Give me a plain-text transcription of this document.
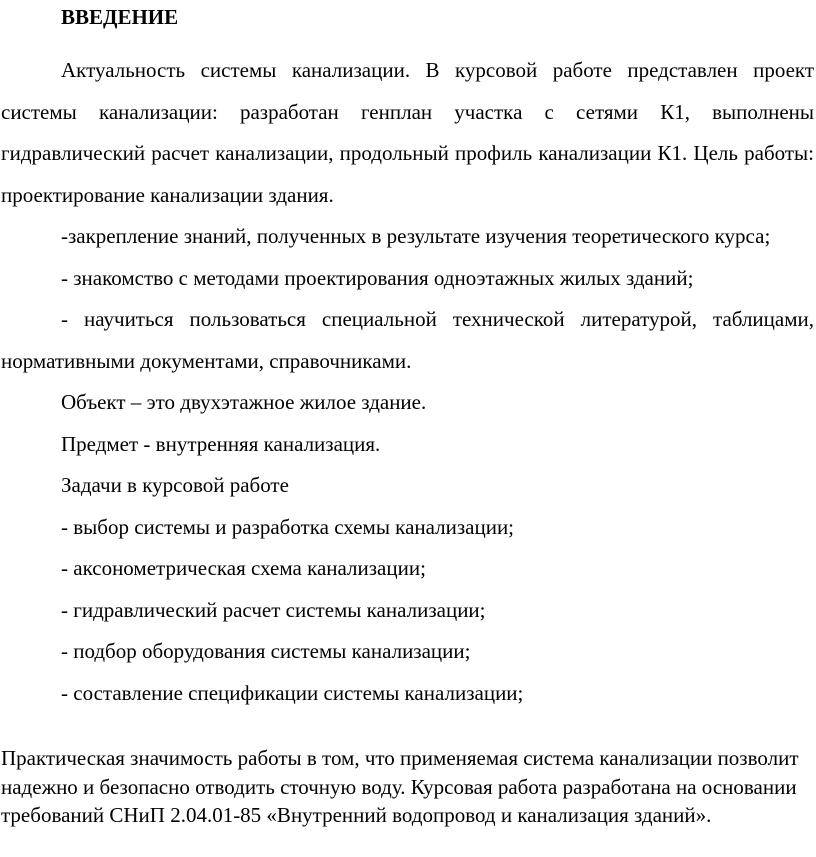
ВВЕДЕНИЕ

Актуальность системы канализации. В курсовой работе представлен проект системы канализации: разработан генплан участка с сетями К1, выполнены гидравлический расчет канализации, продольный профиль канализации К1. Цель работы: проектирование канализации здания.

-закрепление знаний, полученных в результате изучения теоретического курса;

- знакомство с методами проектирования одноэтажных жилых зданий;

- научиться пользоваться специальной технической литературой, таблицами, нормативными документами, справочниками.

Объект – это двухэтажное жилое здание.

Предмет - внутренняя канализация.

Задачи в курсовой работе

- выбор системы и разработка схемы канализации;

- аксонометрическая схема канализации;

- гидравлический расчет системы канализации;

- подбор оборудования системы канализации;

- составление спецификации системы канализации;

Практическая значимость работы в том, что применяемая система канализации позволит надежно и безопасно отводить сточную воду. Курсовая работа разработана на основании требований СНиП 2.04.01-85 «Внутренний водопровод и канализация зданий».
